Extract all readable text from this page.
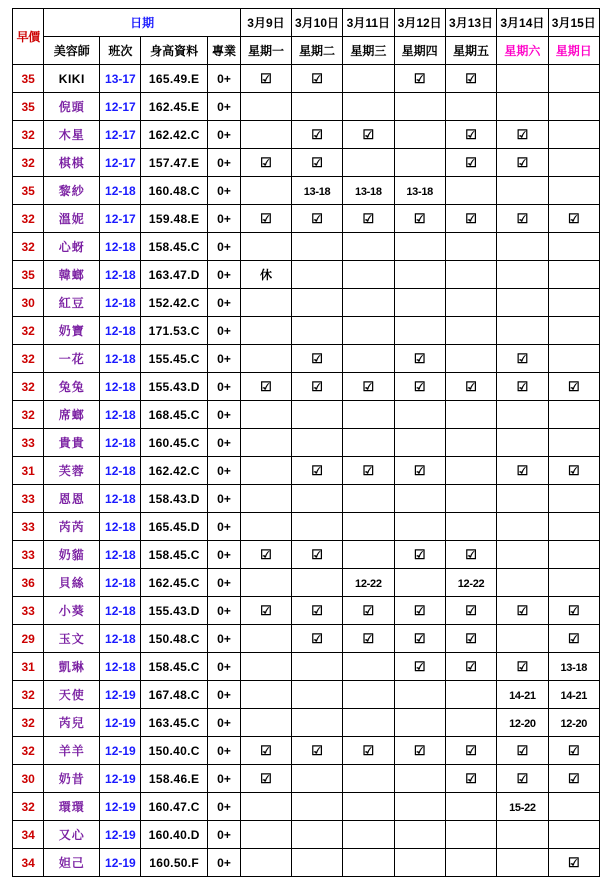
早價	日期				3月9日	3月10日	3月11日	3月12日	3月13日	3月14日	3月15日
	美容師	班次	身高資料	專業	星期一	星期二	星期三	星期四	星期五	星期六	星期日
35	KIKI	13-17	165.49.E	0+	☑	☑		☑	☑		
35	倪頭	12-17	162.45.E	0+							
32	木星	12-17	162.42.C	0+		☑	☑		☑	☑	
32	棋棋	12-17	157.47.E	0+	☑	☑			☑	☑	
35	黎紗	12-18	160.48.C	0+		13-18	13-18	13-18			
32	溫妮	12-17	159.48.E	0+	☑	☑	☑	☑	☑	☑	☑
32	心蚜	12-18	158.45.C	0+							
35	韓螂	12-18	163.47.D	0+	休						
30	紅豆	12-18	152.42.C	0+							
32	奶寶	12-18	171.53.C	0+							
32	一花	12-18	155.45.C	0+		☑		☑		☑	
32	兔兔	12-18	155.43.D	0+	☑	☑	☑	☑	☑	☑	☑
32	席螂	12-18	168.45.C	0+							
33	貴貴	12-18	160.45.C	0+							
31	芙蓉	12-18	162.42.C	0+		☑	☑	☑		☑	☑
33	恩恩	12-18	158.43.D	0+							
33	芮芮	12-18	165.45.D	0+							
33	奶貓	12-18	158.45.C	0+	☑	☑		☑	☑		
36	貝絲	12-18	162.45.C	0+			12-22		12-22		
33	小葵	12-18	155.43.D	0+	☑	☑	☑	☑	☑	☑	☑
29	玉文	12-18	150.48.C	0+		☑	☑	☑	☑		☑
31	凱琳	12-18	158.45.C	0+				☑	☑	☑	13-18
32	天使	12-19	167.48.C	0+						14-21	14-21
32	芮兒	12-19	163.45.C	0+						12-20	12-20
32	羊羊	12-19	150.40.C	0+	☑	☑	☑	☑	☑	☑	☑
30	奶昔	12-19	158.46.E	0+	☑				☑	☑	☑
32	環環	12-19	160.47.C	0+						15-22	
34	又心	12-19	160.40.D	0+							
34	妲己	12-19	160.50.F	0+							☑
